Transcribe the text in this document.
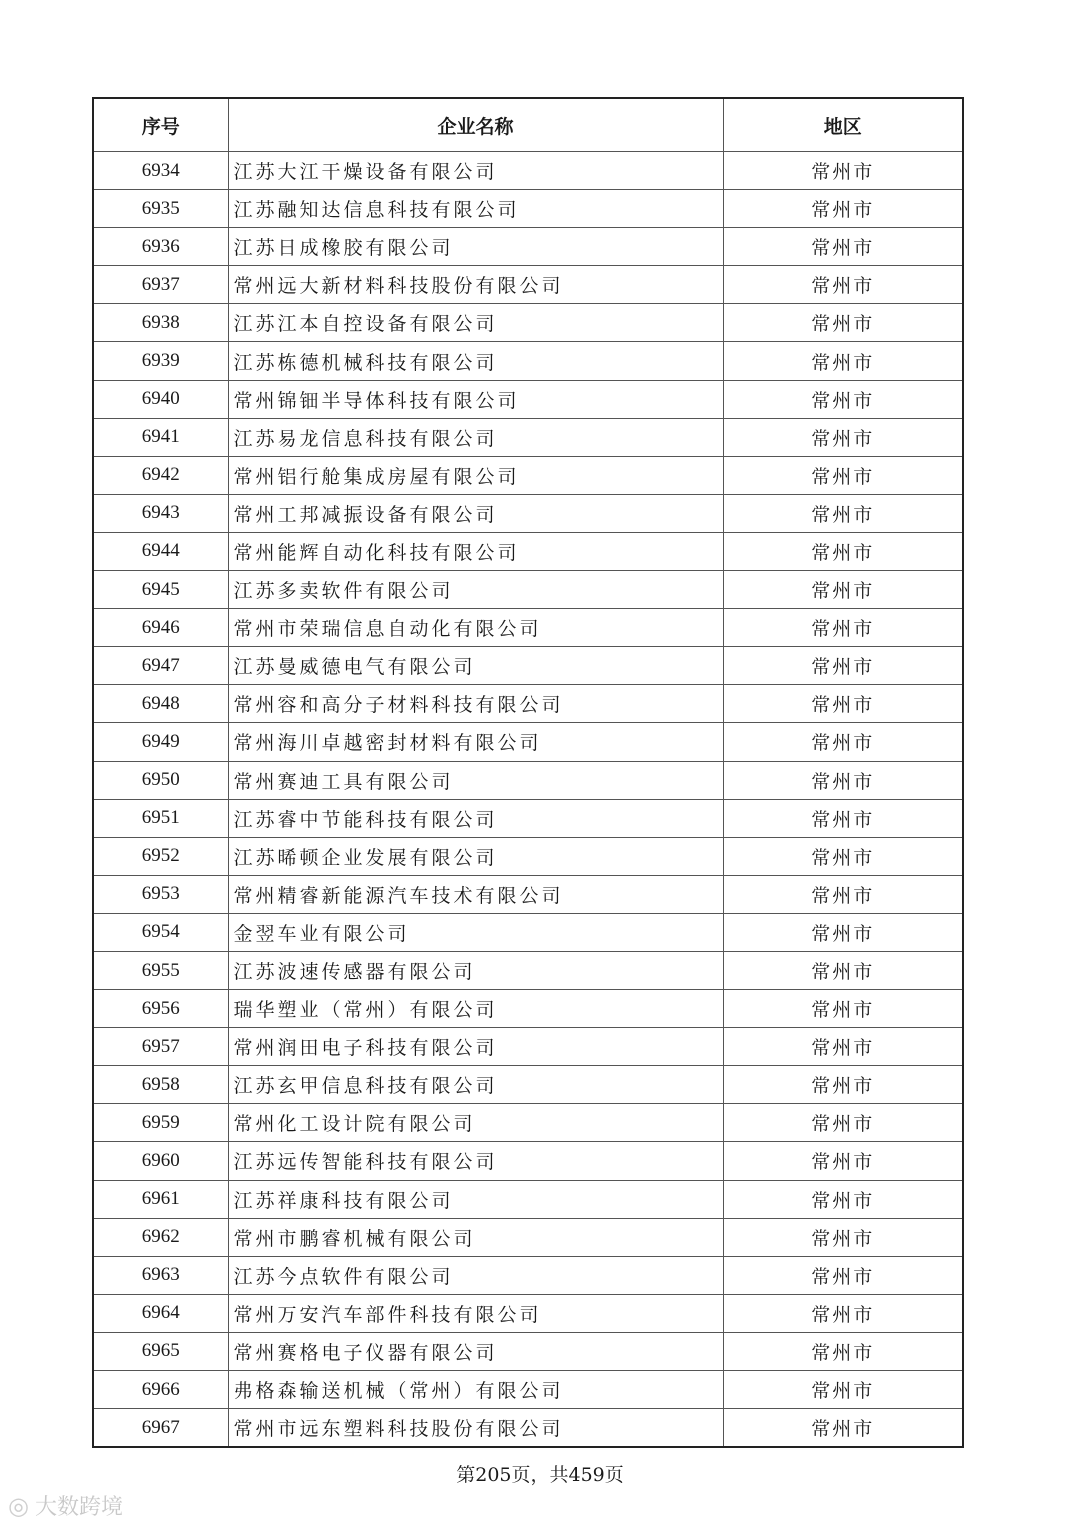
序号	企业名称	地区
6934	江苏大江干燥设备有限公司	常州市
6935	江苏融知达信息科技有限公司	常州市
6936	江苏日成橡胶有限公司	常州市
6937	常州远大新材料科技股份有限公司	常州市
6938	江苏江本自控设备有限公司	常州市
6939	江苏栋德机械科技有限公司	常州市
6940	常州锦钿半导体科技有限公司	常州市
6941	江苏易龙信息科技有限公司	常州市
6942	常州铝行舱集成房屋有限公司	常州市
6943	常州工邦减振设备有限公司	常州市
6944	常州能辉自动化科技有限公司	常州市
6945	江苏多卖软件有限公司	常州市
6946	常州市荣瑞信息自动化有限公司	常州市
6947	江苏曼威德电气有限公司	常州市
6948	常州容和高分子材料科技有限公司	常州市
6949	常州海川卓越密封材料有限公司	常州市
6950	常州赛迪工具有限公司	常州市
6951	江苏睿中节能科技有限公司	常州市
6952	江苏晞顿企业发展有限公司	常州市
6953	常州精睿新能源汽车技术有限公司	常州市
6954	金翌车业有限公司	常州市
6955	江苏波速传感器有限公司	常州市
6956	瑞华塑业（常州）有限公司	常州市
6957	常州润田电子科技有限公司	常州市
6958	江苏玄甲信息科技有限公司	常州市
6959	常州化工设计院有限公司	常州市
6960	江苏远传智能科技有限公司	常州市
6961	江苏祥康科技有限公司	常州市
6962	常州市鹏睿机械有限公司	常州市
6963	江苏今点软件有限公司	常州市
6964	常州万安汽车部件科技有限公司	常州市
6965	常州赛格电子仪器有限公司	常州市
6966	弗格森输送机械（常州）有限公司	常州市
6967	常州市远东塑料科技股份有限公司	常州市
第205页，共459页
◎ 大数跨境
